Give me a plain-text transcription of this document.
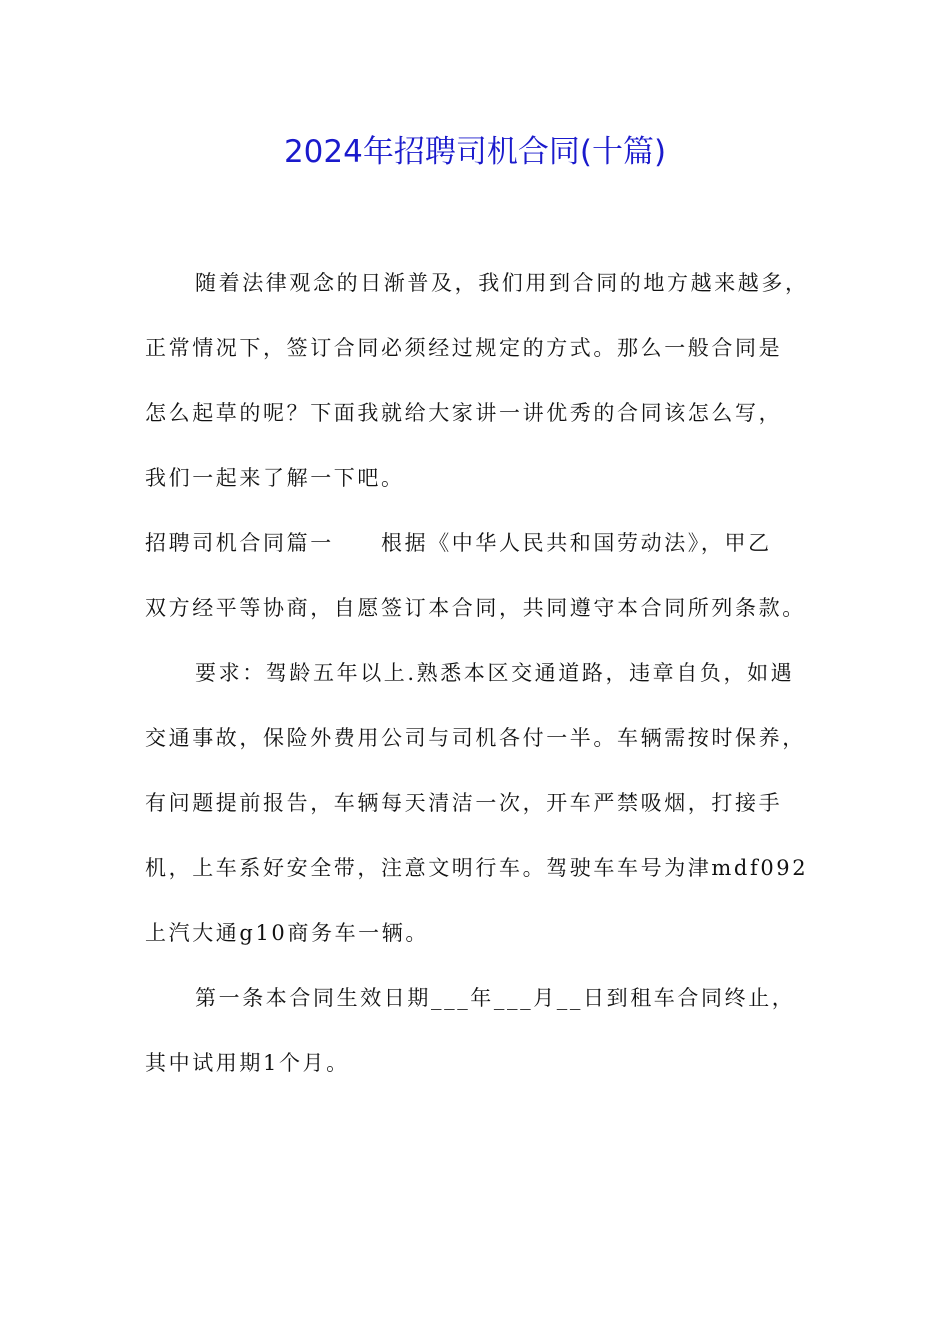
2024年招聘司机合同(十篇)
随着法律观念的日渐普及，我们用到合同的地方越来越多，
正常情况下，签订合同必须经过规定的方式。那么一般合同是
怎么起草的呢？下面我就给大家讲一讲优秀的合同该怎么写，
我们一起来了解一下吧。
招聘司机合同篇一　　根据《中华人民共和国劳动法》，甲乙
双方经平等协商，自愿签订本合同，共同遵守本合同所列条款。
要求：驾龄五年以上.熟悉本区交通道路，违章自负，如遇
交通事故，保险外费用公司与司机各付一半。车辆需按时保养，
有问题提前报告，车辆每天清洁一次，开车严禁吸烟，打接手
机，上车系好安全带，注意文明行车。驾驶车车号为津mdf092
上汽大通g10商务车一辆。
第一条本合同生效日期___年___月__日到租车合同终止，
其中试用期1个月。
